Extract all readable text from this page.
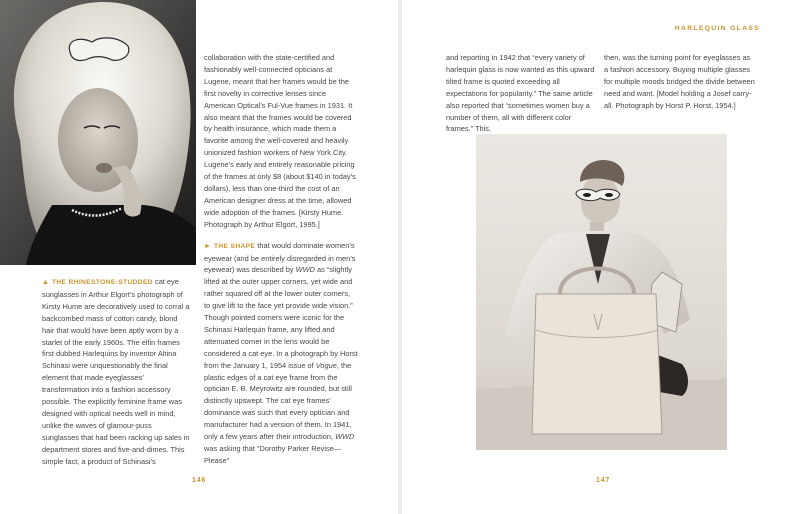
▲ THE RHINESTONE-STUDDED cat eye sunglasses in Arthur Elgort’s photograph of Kirsty Hume are decoratively used to corral a backcombed mass of cotton candy, blond hair that would have been aptly worn by a starlet of the early 1960s. The elfin frames first dubbed Harlequins by inventor Altina Schinasi were unquestionably the final element that made eyeglasses’ transformation into a fashion accessory possible. The explicitly feminine frame was designed with optical needs well in mind, unlike the waves of glamour-puss sunglasses that had been racking up sales in department stores and five-and-dimes. This simple fact, a product of Schinasi’s

collaboration with the state-certified and fashionably well-connected opticians at Lugene, meant that her frames would be the first novelty in corrective lenses since American Optical’s Ful-Vue frames in 1931. It also meant that the frames would be covered by health insurance, which made them a favorite among the well-covered and heavily unionized fashion workers of New York City. Lugene’s early and entirely reasonable pricing of the frames at only $8 (about $140 in today’s dollars), less than one-third the cost of an American designer dress at the time, allowed wide adoption of the frames. [Kirsty Hume. Photograph by Arthur Elgort, 1995.]

► THE SHAPE that would dominate women’s eyewear (and be entirely disregarded in men’s eyewear) was described by WWD as “slightly lifted at the outer upper corners, yet wide and rather squared off at the lower outer corners, to give lift to the face yet provide wide vision.” Though pointed corners were iconic for the Schinasi Harlequin frame, any lifted and attenuated corner in the lens would be considered a cat eye. In a photograph by Horst from the January 1, 1954 issue of Vogue, the plastic edges of a cat eye frame from the optician E. B. Meyrowitz are rounded, but still distinctly upswept. The cat eye frames’ dominance was such that every optician and manufacturer had a version of them. In 1941, only a few years after their introduction, WWD was asking that “Dorothy Parker Revise—Please”

146
HARLEQUIN GLASS

and reporting in 1942 that “every variety of harlequin glass is now wanted as this upward tilted frame is quoted exceeding all expectations for popularity.” The same article also reported that “sometimes women buy a number of them, all with different color frames.” This,

then, was the turning point for eyeglasses as a fashion accessory. Buying multiple glasses for multiple moods bridged the divide between need and want. [Model holding a Josef carry-all. Photograph by Horst P. Horst, 1954.]

147
